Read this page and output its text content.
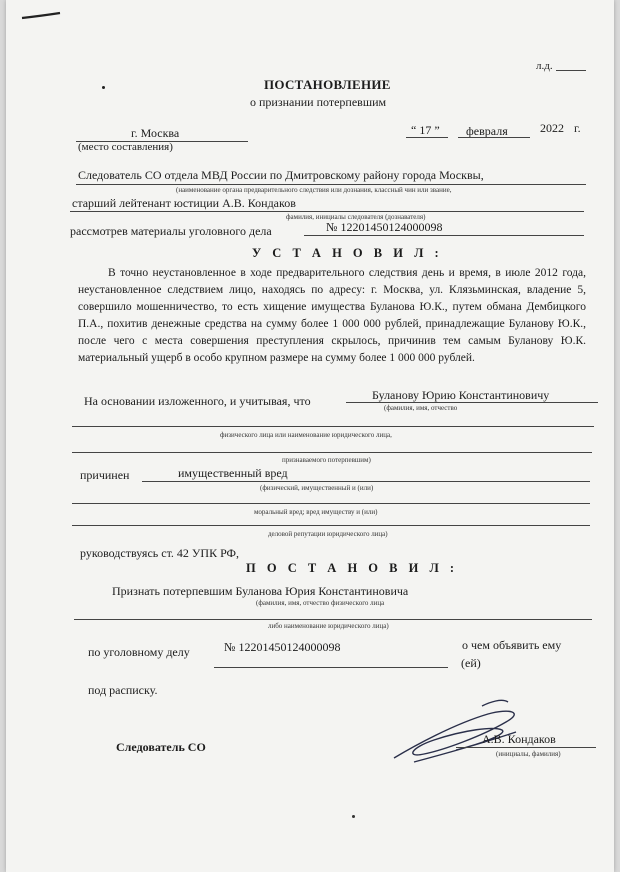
л.д.
ПОСТАНОВЛЕНИЕ
о признании потерпевшим
г. Москва
(место составления)
“ 17 ” февраля	2022 г.
Следователь СО отдела МВД России по Дмитровскому району города Москвы,
(наименование органа предварительного следствия или дознания, классный чин или звание,
старший лейтенант юстиции А.В. Кондаков
фамилия, инициалы следователя (дознавателя)
рассмотрев материалы уголовного дела	№ 12201450124000098
У С Т А Н О В И Л :
В точно неустановленное в ходе предварительного следствия день и время, в июле 2012 года, неустановленное следствием лицо, находясь по адресу: г. Москва, ул. Клязьминская, владение 5, совершило мошенничество, то есть хищение имущества Буланова Ю.К., путем обмана Дембицкого П.А., похитив денежные средства на сумму более 1 000 000 рублей, принадлежащие Буланову Ю.К., после чего с места совершения преступления скрылось, причинив тем самым Буланову Ю.К. материальный ущерб в особо крупном размере на сумму более 1 000 000 рублей.
На основании изложенного, и учитывая, что	Буланову Юрию Константиновичу
(фамилия, имя, отчество
физического лица или наименование юридического лица,
признаваемого потерпевшим)
причинен	имущественный вред
(физический, имущественный и (или)
моральный вред; вред имуществу и (или)
деловой репутации юридического лица)
руководствуясь ст. 42 УПК РФ,
П О С Т А Н О В И Л :
Признать потерпевшим Буланова Юрия Константиновича
(фамилия, имя, отчество физического лица
либо наименование юридического лица)
по уголовному делу	№ 12201450124000098	о чем объявить ему
(ей)
под расписку.
Следователь СО
А.В. Кондаков
(инициалы, фамилия)
